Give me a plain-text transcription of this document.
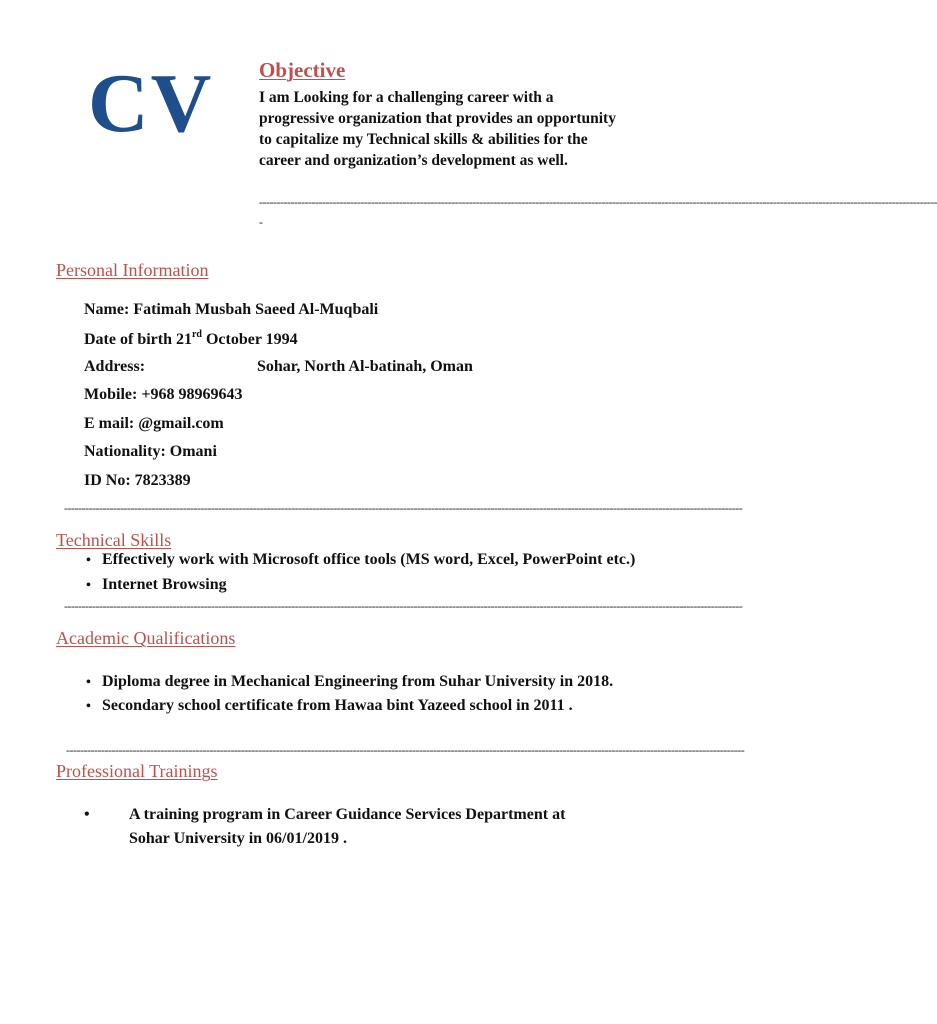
CV Objective
I am Looking for a challenging career with a
progressive organization that provides an opportunity
to capitalize my Technical skills & abilities for the
career and organization’s development as well.
--------------------------------------------------------------------------------------------------------------------------------------------------------------------------------------------------
-
Personal Information
Name: Fatimah Musbah Saeed Al-Muqbali
Date of birth 21rd October 1994
Address:	Sohar, North Al-batinah, Oman
Mobile: +968 98969643
E mail: @gmail.com
Nationality: Omani
ID No: 7823389
--------------------------------------------------------------------------------------------------------------------------------------------------------------------------------------------------
Technical Skills
• Effectively work with Microsoft office tools (MS word, Excel, PowerPoint etc.)
• Internet Browsing
--------------------------------------------------------------------------------------------------------------------------------------------------------------------------------------------------
Academic Qualifications
• Diploma degree in Mechanical Engineering from Suhar University in 2018.
• Secondary school certificate from Hawaa bint Yazeed school in 2011 .
--------------------------------------------------------------------------------------------------------------------------------------------------------------------------------------------------
Professional Trainings
• A training program in Career Guidance Services Department at
Sohar University in 06/01/2019 .
